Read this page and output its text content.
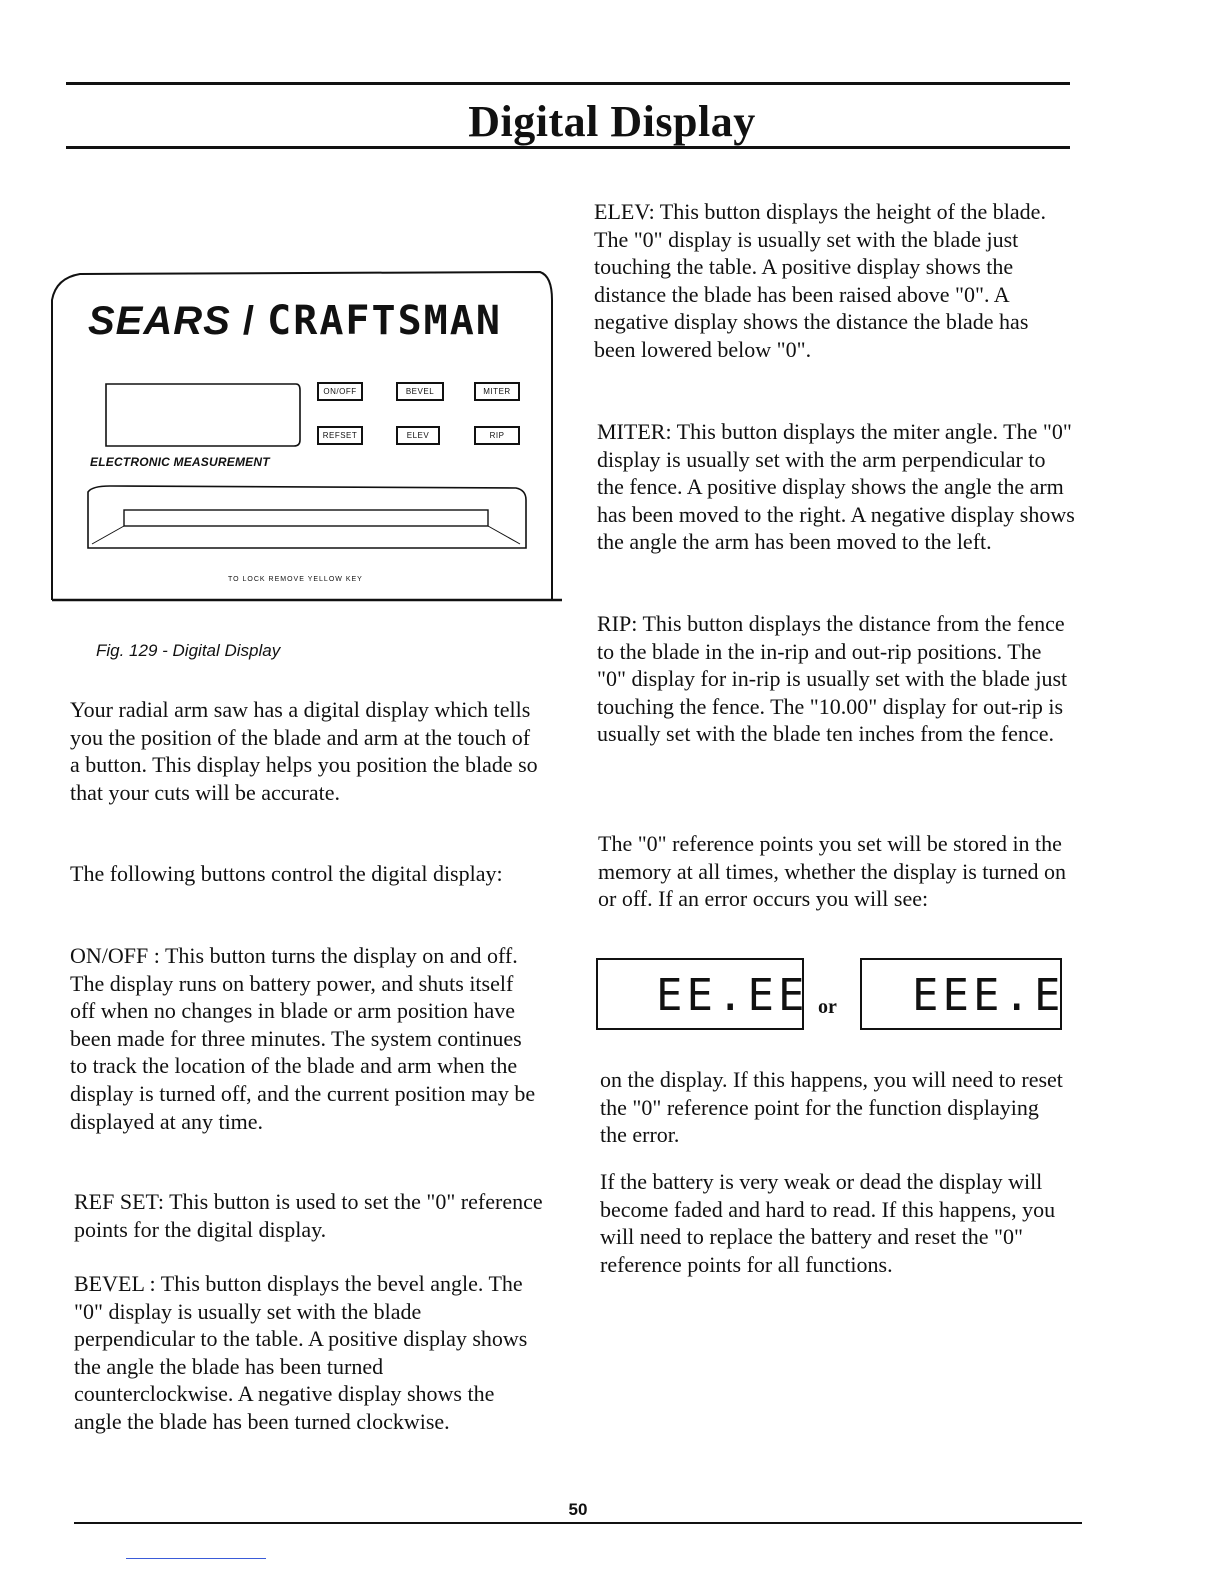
Digital Display
SEARS / CRAFTSMAN
ON/OFF	BEVEL	MITER
REFSET	ELEV	RIP
ELECTRONIC MEASUREMENT
TO LOCK REMOVE YELLOW KEY
Fig. 129 - Digital Display
Your radial arm saw has a digital display which tells you the position of the blade and arm at the touch of a button. This display helps you position the blade so that your cuts will be accurate.
The following buttons control the digital display:
ON/OFF : This button turns the display on and off. The display runs on battery power, and shuts itself off when no changes in blade or arm position have been made for three minutes. The system continues to track the location of the blade and arm when the display is turned off, and the current position may be displayed at any time.
REF SET: This button is used to set the "0" reference points for the digital display.
BEVEL : This button displays the bevel angle. The "0" display is usually set with the blade perpendicular to the table. A positive display shows the angle the blade has been turned counterclockwise. A negative display shows the angle the blade has been turned clockwise.
ELEV: This button displays the height of the blade. The "0" display is usually set with the blade just touching the table. A positive display shows the distance the blade has been raised above "0". A negative display shows the distance the blade has been lowered below "0".
MITER: This button displays the miter angle. The "0" display is usually set with the arm perpendicular to the fence. A positive display shows the angle the arm has been moved to the right. A negative display shows the angle the arm has been moved to the left.
RIP: This button displays the distance from the fence to the blade in the in-rip and out-rip positions. The "0" display for in-rip is usually set with the blade just touching the fence. The "10.00" display for out-rip is usually set with the blade ten inches from the fence.
The "0" reference points you set will be stored in the memory at all times, whether the display is turned on or off. If an error occurs you will see:
EE.EE or EEE.E
on the display. If this happens, you will need to reset the "0" reference point for the function displaying the error.
If the battery is very weak or dead the display will become faded and hard to read. If this happens, you will need to replace the battery and reset the "0" reference points for all functions.
50
